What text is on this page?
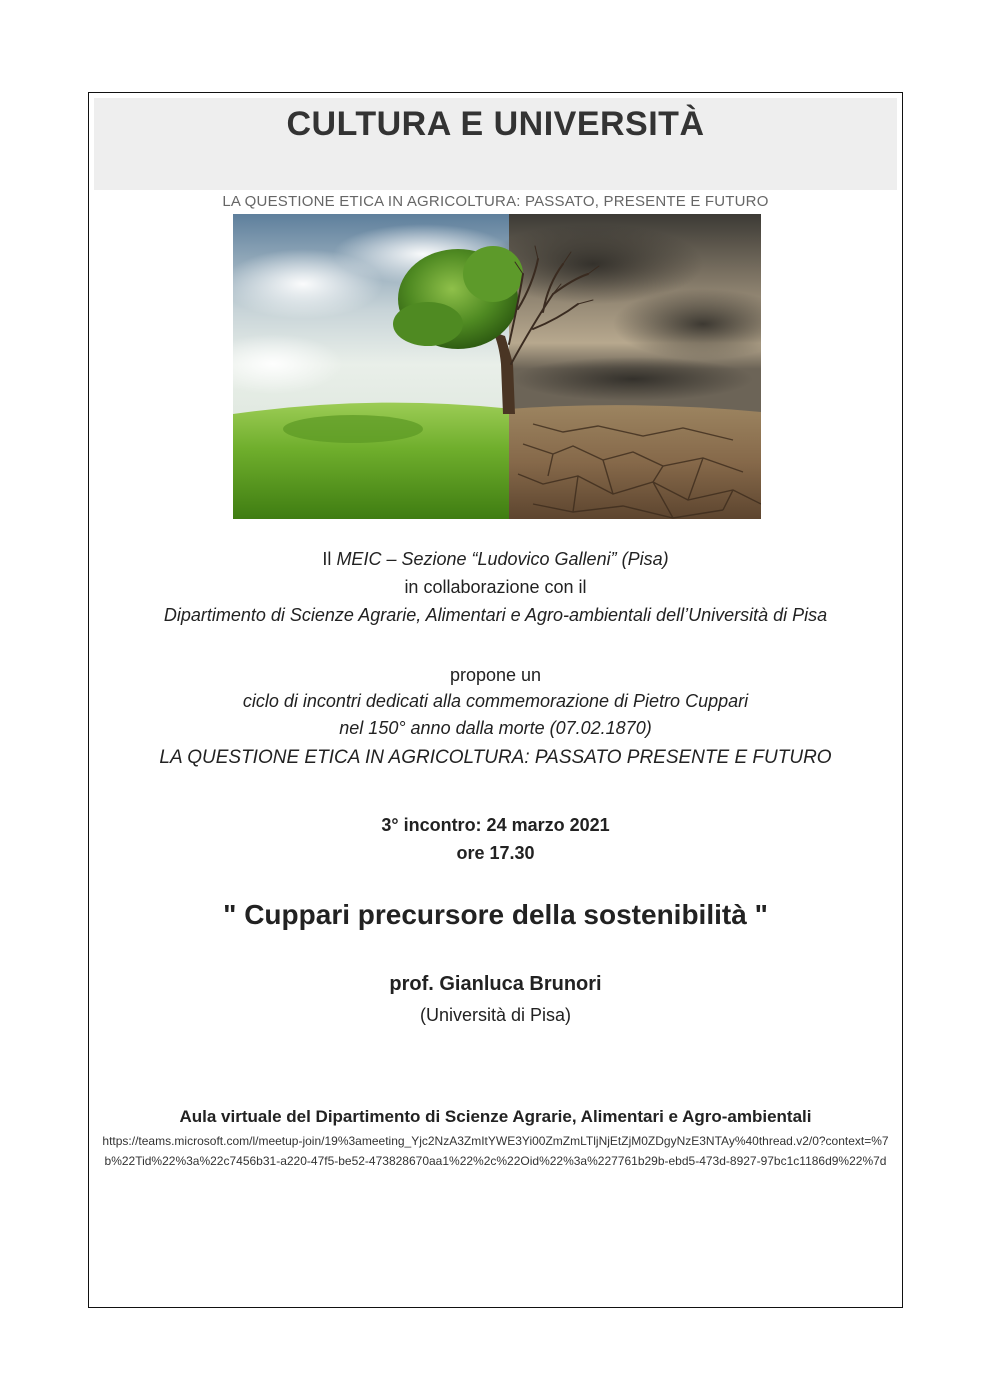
CULTURA E UNIVERSITÀ
LA QUESTIONE ETICA IN AGRICOLTURA: PASSATO, PRESENTE E FUTURO
Il MEIC – Sezione “Ludovico Galleni” (Pisa)
in collaborazione con il
Dipartimento di Scienze Agrarie, Alimentari e Agro-ambientali dell’Università di Pisa
propone un
ciclo di incontri dedicati alla commemorazione di Pietro Cuppari
nel 150° anno dalla morte (07.02.1870)
LA QUESTIONE ETICA IN AGRICOLTURA: PASSATO PRESENTE E FUTURO
3° incontro: 24 marzo 2021
ore 17.30
" Cuppari precursore della sostenibilità "
prof. Gianluca Brunori
(Università di Pisa)
Aula virtuale del Dipartimento di Scienze Agrarie, Alimentari e Agro-ambientali
https://teams.microsoft.com/l/meetup-join/19%3ameeting_Yjc2NzA3ZmItYWE3Yi00ZmZmLTljNjEtZjM0ZDgyNzE3NTAy%40thread.v2/0?context=%7b%22Tid%22%3a%22c7456b31-a220-47f5-be52-473828670aa1%22%2c%22Oid%22%3a%227761b29b-ebd5-473d-8927-97bc1c1186d9%22%7d
